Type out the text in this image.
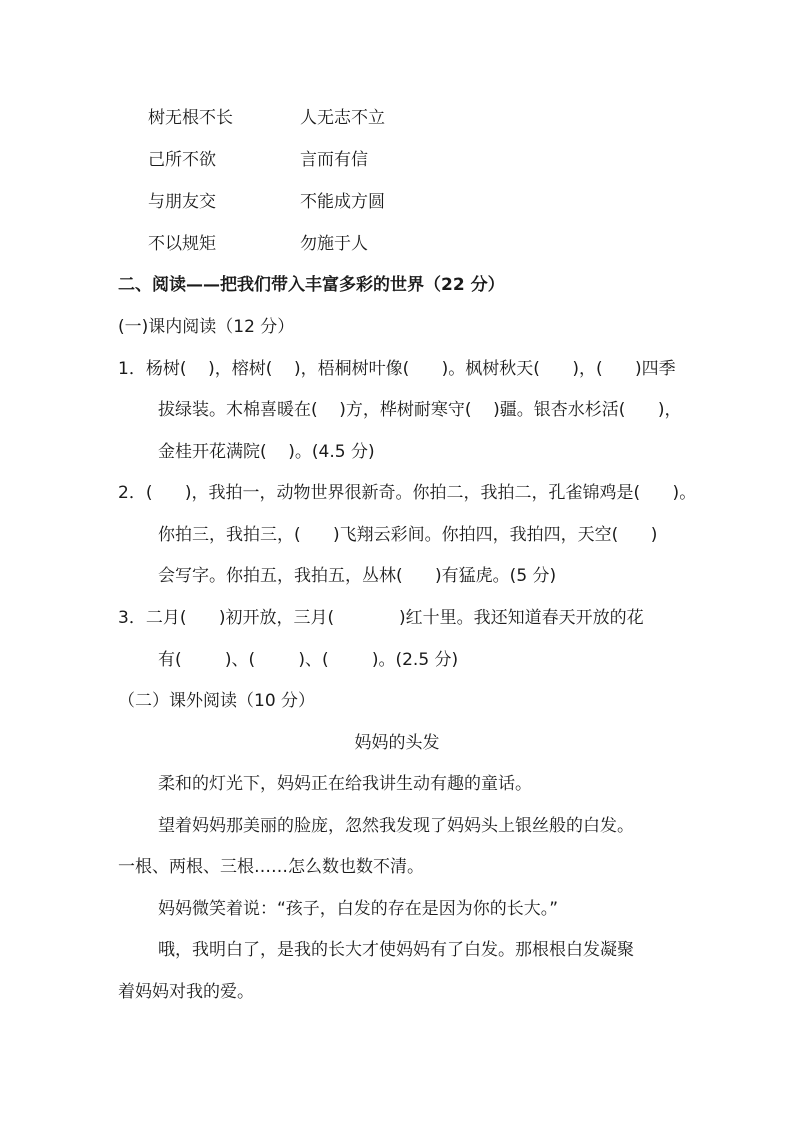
树无根不长	人无志不立

己所不欲	言而有信

与朋友交	不能成方圆

不以规矩	勿施于人

二、阅读——把我们带入丰富多彩的世界（22 分）

(一)课内阅读（12 分）

1．杨树(    )，榕树(    )，梧桐树叶像(      )。枫树秋天(      )，(      )四季

拔绿装。木棉喜暖在(    )方，桦树耐寒守(    )疆。银杏水杉活(      )，

金桂开花满院(    )。(4.5 分)

2．(      )，我拍一，动物世界很新奇。你拍二，我拍二，孔雀锦鸡是(      )。

你拍三，我拍三，(      )飞翔云彩间。你拍四，我拍四，天空(      )

会写字。你拍五，我拍五，丛林(      )有猛虎。(5 分)

3．二月(      )初开放，三月(            )红十里。我还知道春天开放的花

有(        )、(        )、(        )。(2.5 分)

（二）课外阅读（10 分）

妈妈的头发

柔和的灯光下，妈妈正在给我讲生动有趣的童话。

望着妈妈那美丽的脸庞，忽然我发现了妈妈头上银丝般的白发。

一根、两根、三根……怎么数也数不清。

妈妈微笑着说：“孩子，白发的存在是因为你的长大。”

哦，我明白了，是我的长大才使妈妈有了白发。那根根白发凝聚

着妈妈对我的爱。
